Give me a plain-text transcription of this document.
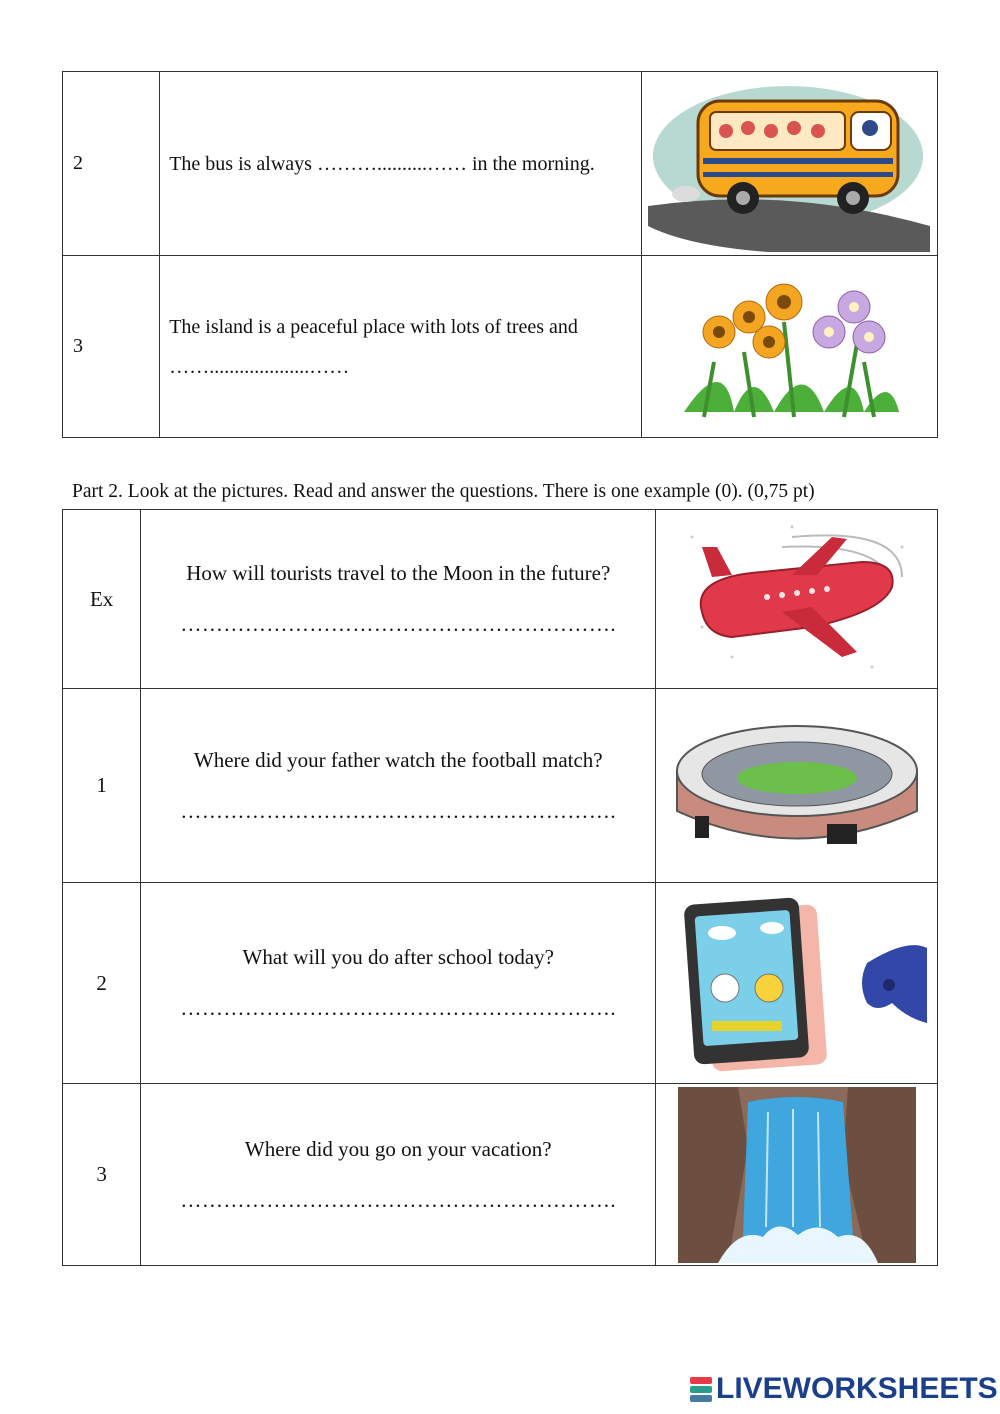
2	The bus is always ………..........…… in the morning.	

3	The island is a peaceful place with lots of trees and ……....................……	
Part 2. Look at the pictures. Read and answer the questions. There is one example (0). (0,75 pt)
Ex	How will tourists travel to the Moon in the future?
…………………………………………………….

1	Where did your father watch the football match?
…………………………………………………….

2	What will you do after school today?
…………………………………………………….

3	Where did you go on your vacation?
…………………………………………………….

LIVEWORKSHEETS
